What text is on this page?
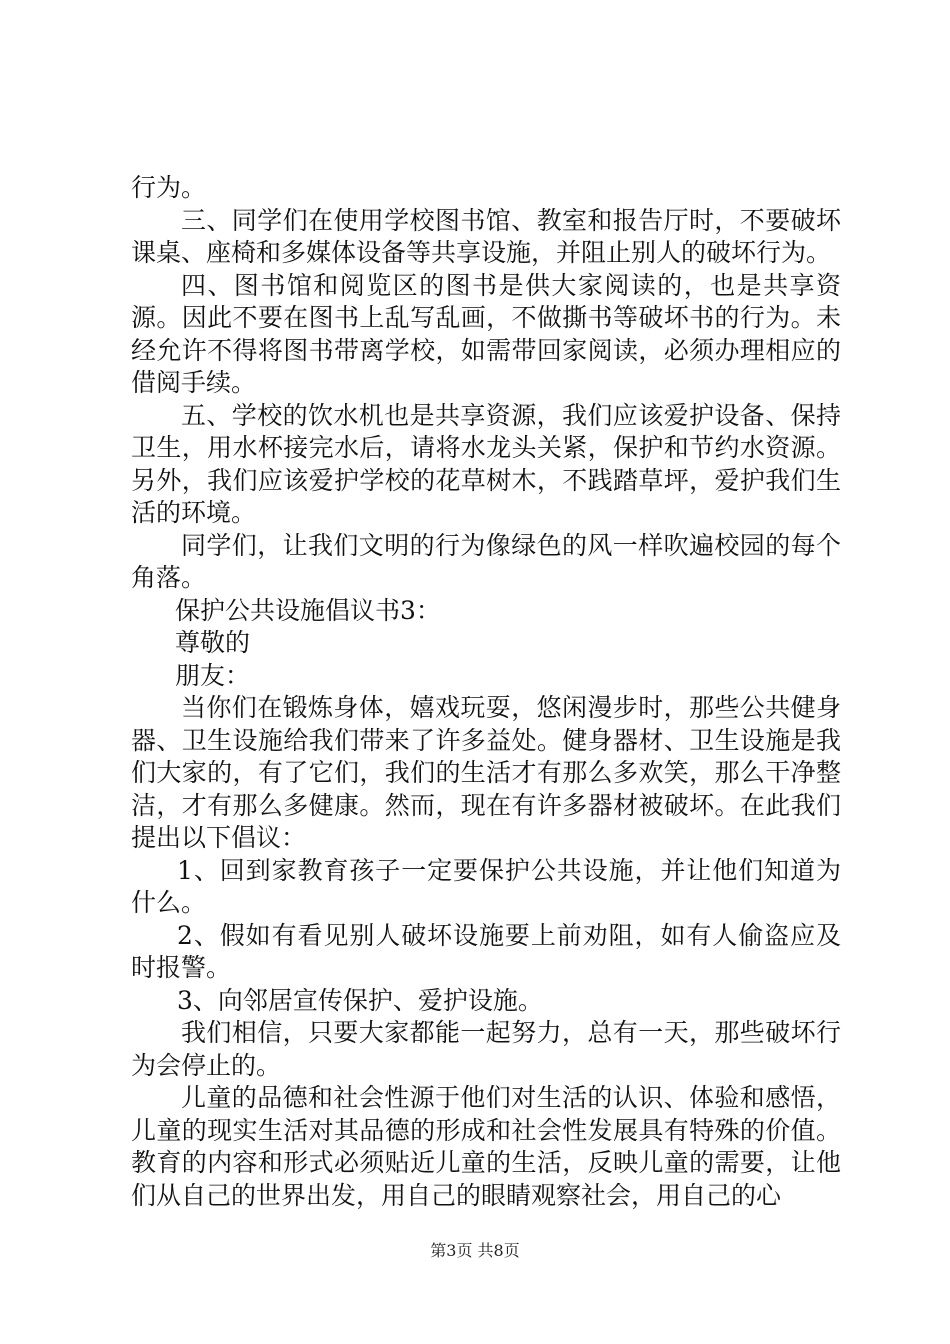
行为。

三、同学们在使用学校图书馆、教室和报告厅时，不要破坏课桌、座椅和多媒体设备等共享设施，并阻止别人的破坏行为。

四、图书馆和阅览区的图书是供大家阅读的，也是共享资源。因此不要在图书上乱写乱画，不做撕书等破坏书的行为。未经允许不得将图书带离学校，如需带回家阅读，必须办理相应的借阅手续。

五、学校的饮水机也是共享资源，我们应该爱护设备、保持卫生，用水杯接完水后，请将水龙头关紧，保护和节约水资源。另外，我们应该爱护学校的花草树木，不践踏草坪，爱护我们生活的环境。

同学们，让我们文明的行为像绿色的风一样吹遍校园的每个角落。

保护公共设施倡议书3：

尊敬的

朋友：

当你们在锻炼身体，嬉戏玩耍，悠闲漫步时，那些公共健身器、卫生设施给我们带来了许多益处。健身器材、卫生设施是我们大家的，有了它们，我们的生活才有那么多欢笑，那么干净整洁，才有那么多健康。然而，现在有许多器材被破坏。在此我们提出以下倡议：

1、回到家教育孩子一定要保护公共设施，并让他们知道为什么。

2、假如有看见别人破坏设施要上前劝阻，如有人偷盗应及时报警。

3、向邻居宣传保护、爱护设施。

我们相信，只要大家都能一起努力，总有一天，那些破坏行为会停止的。

儿童的品德和社会性源于他们对生活的认识、体验和感悟，儿童的现实生活对其品德的形成和社会性发展具有特殊的价值。教育的内容和形式必须贴近儿童的生活，反映儿童的需要，让他们从自己的世界出发，用自己的眼睛观察社会，用自己的心

第3页 共8页
